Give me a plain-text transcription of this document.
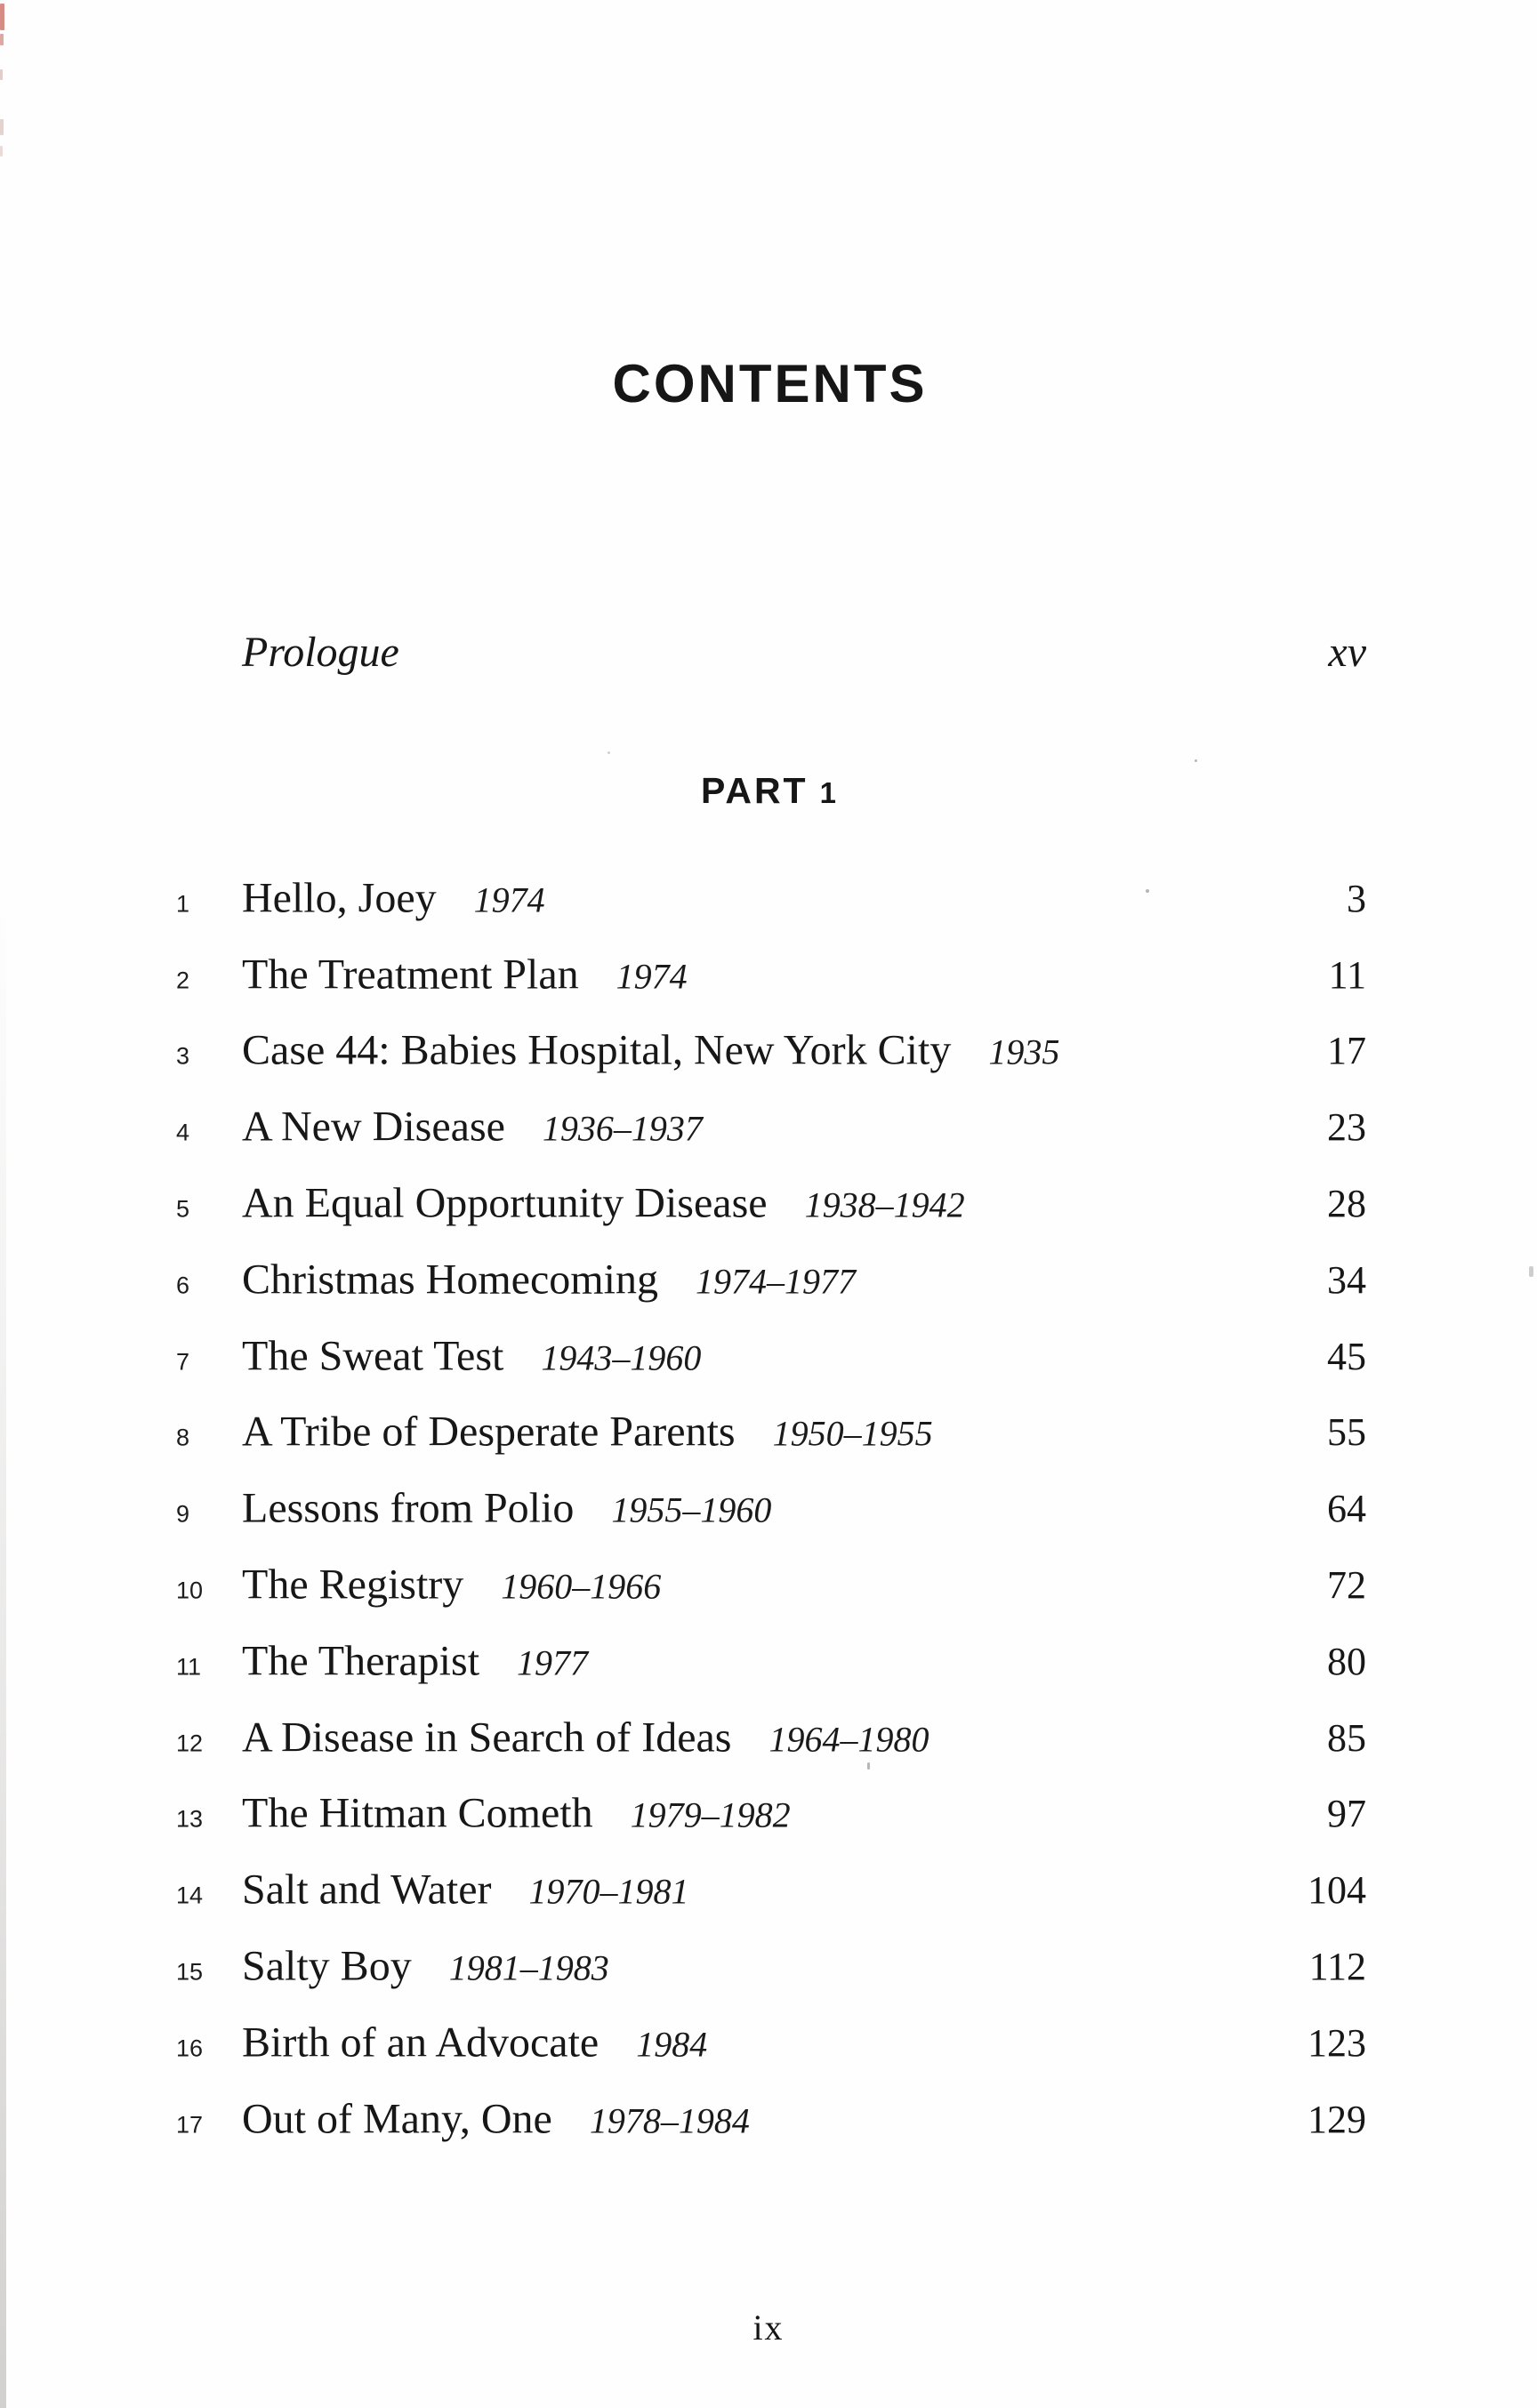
CONTENTS
Prologue	xv
PART 1
1 Hello, Joey 1974	3
2 The Treatment Plan 1974	11
3 Case 44: Babies Hospital, New York City 1935	17
4 A New Disease 1936–1937	23
5 An Equal Opportunity Disease 1938–1942	28
6 Christmas Homecoming 1974–1977	34
7 The Sweat Test 1943–1960	45
8 A Tribe of Desperate Parents 1950–1955	55
9 Lessons from Polio 1955–1960	64
10 The Registry 1960–1966	72
11 The Therapist 1977	80
12 A Disease in Search of Ideas 1964–1980	85
13 The Hitman Cometh 1979–1982	97
14 Salt and Water 1970–1981	104
15 Salty Boy 1981–1983	112
16 Birth of an Advocate 1984	123
17 Out of Many, One 1978–1984	129
ix
